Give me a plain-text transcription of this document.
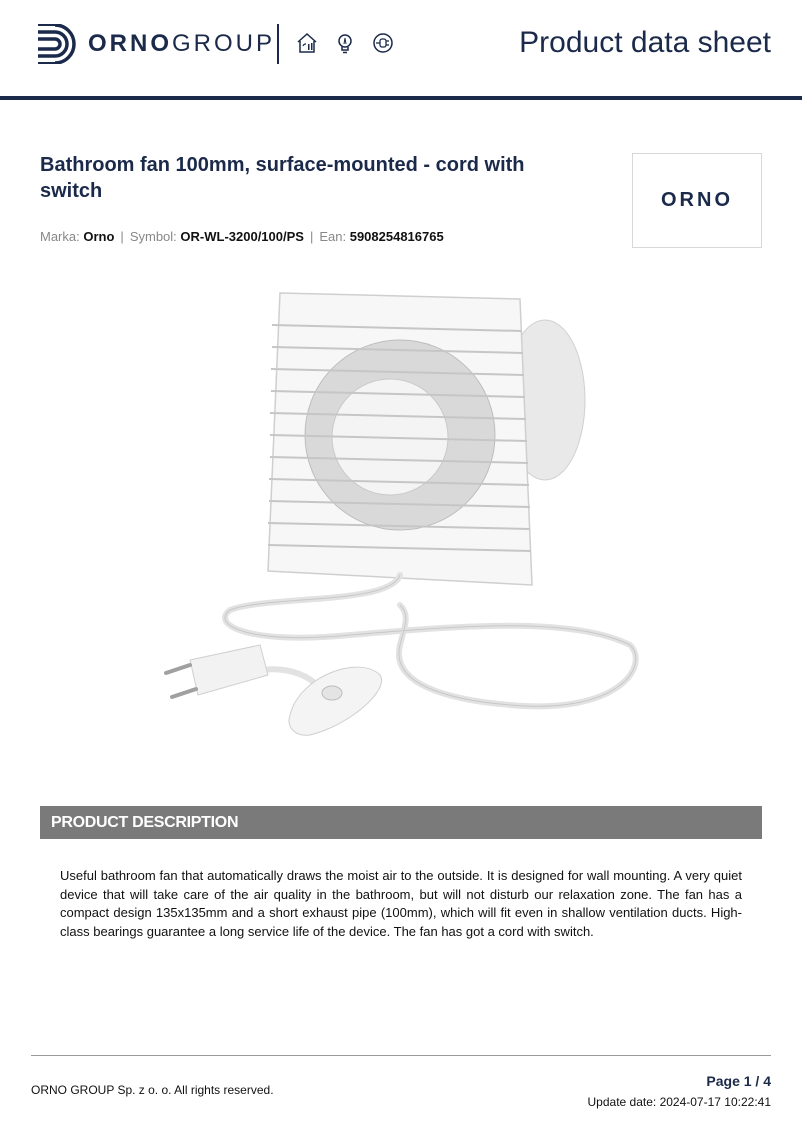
ORNOGROUP	Product data sheet
Bathroom fan 100mm, surface-mounted - cord with switch
Marka: Orno | Symbol: OR-WL-3200/100/PS | Ean: 5908254816765
ORNO
PRODUCT DESCRIPTION

Useful bathroom fan that automatically draws the moist air to the outside. It is designed for wall mounting. A very quiet device that will take care of the air quality in the bathroom, but will not disturb our relaxation zone. The fan has a compact design 135x135mm and a short exhaust pipe (100mm), which will fit even in shallow ventilation ducts. High-class bearings guarantee a long service life of the device. The fan has got a cord with switch.

ORNO GROUP Sp. z o. o. All rights reserved.
Page 1 / 4
Update date: 2024-07-17 10:22:41
